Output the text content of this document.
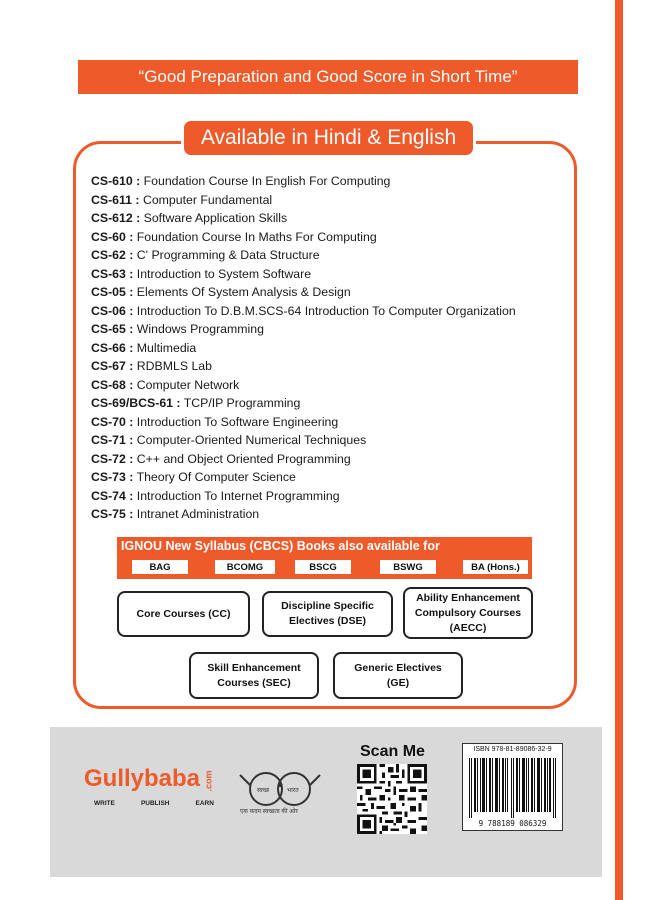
“Good Preparation and Good Score in Short Time”
Available in Hindi & English
CS-610 : Foundation Course In English For Computing
CS-611 : Computer Fundamental
CS-612 : Software Application Skills
CS-60 : Foundation Course In Maths For Computing
CS-62 : C' Programming & Data Structure
CS-63 : Introduction to System Software
CS-05 : Elements Of System Analysis & Design
CS-06 : Introduction To D.B.M.SCS-64 Introduction To Computer Organization
CS-65 : Windows Programming
CS-66 : Multimedia
CS-67 : RDBMLS Lab
CS-68 : Computer Network
CS-69/BCS-61 : TCP/IP Programming
CS-70 : Introduction To Software Engineering
CS-71 : Computer-Oriented Numerical Techniques
CS-72 : C++ and Object Oriented Programming
CS-73 : Theory Of Computer Science
CS-74 : Introduction To Internet Programming
CS-75 : Intranet Administration
IGNOU New Syllabus (CBCS) Books also available for
BAG	BCOMG	BSCG	BSWG	BA (Hons.)
Core Courses (CC)
Discipline Specific
Electives (DSE)
Ability Enhancement
Compulsory Courses
(AECC)
Skill Enhancement
Courses (SEC)
Generic Electives
(GE)
Gullybaba .com
WRITE	PUBLISH	EARN
स्वच्छ	भारत
एक कदम स्वच्छता की ओर
Scan Me	ISBN 978-81-89086-32-9
9 788189 086329
